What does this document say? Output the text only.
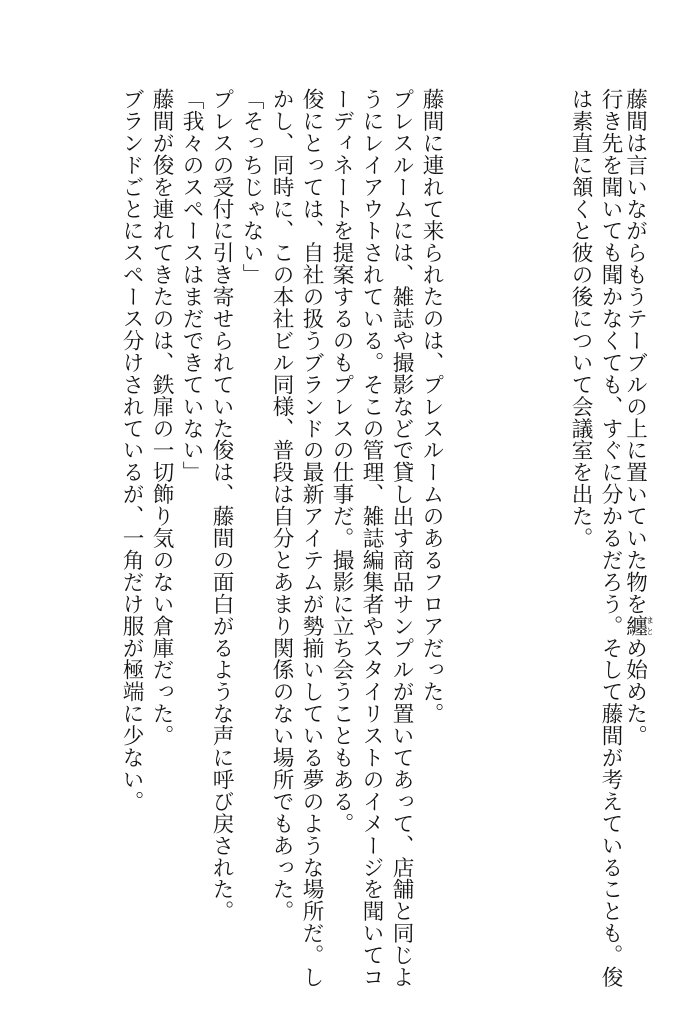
藤間は言いながらもうテーブルの上に置いていた物を纏まとめ始めた。
行き先を聞いても聞かなくても、すぐに分かるだろう。そして藤間が考えていることも。俊
は素直に頷くと彼の後について会議室を出た。
藤間に連れて来られたのは、プレスルームのあるフロアだった。
プレスルームには、雑誌や撮影などで貸し出す商品サンプルが置いてあって、店舗と同じよ
うにレイアウトされている。そこの管理、雑誌編集者やスタイリストのイメージを聞いてコ
ーディネートを提案するのもプレスの仕事だ。撮影に立ち会うこともある。
俊にとっては、自社の扱うブランドの最新アイテムが勢揃いしている夢のような場所だ。し
かし、同時に、この本社ビル同様、普段は自分とあまり関係のない場所でもあった。
「そっちじゃない」
プレスの受付に引き寄せられていた俊は、藤間の面白がるような声に呼び戻された。
「我々のスペースはまだできていない」
藤間が俊を連れてきたのは、鉄扉の一切飾り気のない倉庫だった。
ブランドごとにスペース分けされているが、一角だけ服が極端に少ない。
